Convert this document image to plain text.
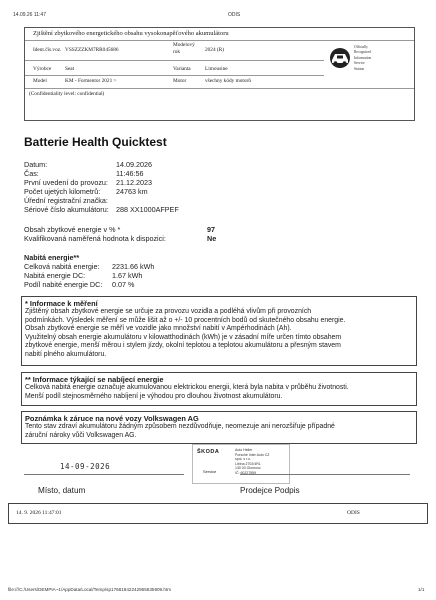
14.09.26 11:47	ODIS
Zjištění zbytkového energetického obsahu vysokonapěťového akumulátoru
Ident.čís.voz. VSSZZZKM7RR045686
Modelový rok	2024 (R)
Výrobce	Seat	Varianta	Limousine
Model	KM - Formentor 2021 >	Motor	všechny kódy motorů
(Confidentiality level: confidential)
Officially
Recognized
Information
Service
Station
Batterie Health Quicktest
Datum:	14.09.2026
Čas:	11:46:56
První uvedení do provozu: 21.12.2023
Počet ujetých kilometrů: 24763 km
Úřední registrační značka:
Sériové číslo akumulátoru: 288 XX1000AFPEF
Obsah zbytkové energie v % *	97
Kvalifikovaná naměřená hodnota k dispozici:	Ne
Nabitá energie**
Celková nabitá energie: 2231.66 kWh
Nabitá energie DC:	1.67 kWh
Podíl nabité energie DC: 0.07 %
* Informace k měření
Zjištěný obsah zbytkové energie se určuje za provozu vozidla a podléhá vlivům při provozních
podmínkách. Výsledek měření se může lišit až o +/- 10 procentních bodů od skutečného obsahu energie.
Obsah zbytkové energie se měří ve vozidle jako množství nabití v Ampérhodinách (Ah).
Využitelný obsah energie akumulátoru v kilowatthodinách (kWh) je v zásadní míře určen tímto obsahem
zbytkové energie, menší měrou i stylem jízdy, okolní teplotou a teplotou akumulátoru a přesným stavem
nabití plného akumulátoru.
** Informace týkající se nabíjecí energie
Celková nabitá energie označuje akumulovanou elektrickou energii, která byla nabita v průběhu životnosti.
Menší podíl stejnosměrného nabíjení je výhodou pro dlouhou životnost akumulátoru.
Poznámka k záruce na nové vozy Volkswagen AG
Tento stav zdraví akumulátoru žádným způsobem nezdůvodňuje, neomezuje ani nerozšiřuje případné
záruční nároky vůči Volkswagen AG.
ŠKODA
Service
Auto Heller
Porsche Inter Auto CZ
spol. s r.o.
Líbina 2702/4RL
130 00 Olomouc
IČ: 60227559
14-09-2026
Místo, datum	Prodejce Podpis
14. 9. 2026 11:47:01	ODIS
file:///C:/Users/DEMPIA~1/AppData/Local/Temp/sp17681942242955635909.htm	1/1
